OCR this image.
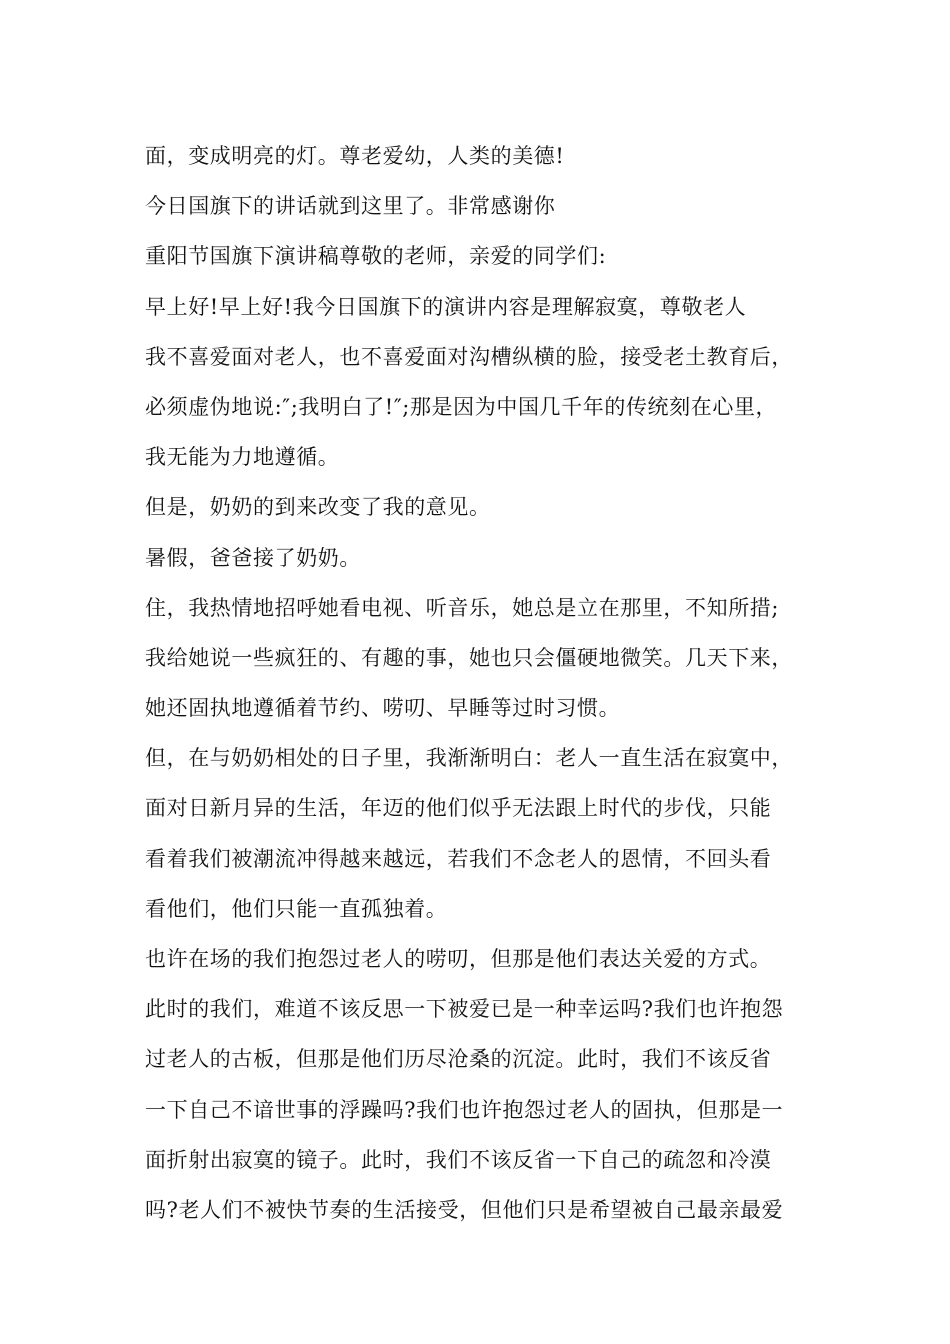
面，变成明亮的灯。尊老爱幼，人类的美德!
今日国旗下的讲话就到这里了。非常感谢你
重阳节国旗下演讲稿尊敬的老师，亲爱的同学们:
早上好!早上好!我今日国旗下的演讲内容是理解寂寞，尊敬老人
我不喜爱面对老人，也不喜爱面对沟槽纵横的脸，接受老土教育后，
必须虚伪地说:″;我明白了!″;那是因为中国几千年的传统刻在心里，
我无能为力地遵循。
但是，奶奶的到来改变了我的意见。
暑假，爸爸接了奶奶。
住，我热情地招呼她看电视、听音乐，她总是立在那里，不知所措;
我给她说一些疯狂的、有趣的事，她也只会僵硬地微笑。几天下来，
她还固执地遵循着节约、唠叨、早睡等过时习惯。
但，在与奶奶相处的日子里，我渐渐明白：老人一直生活在寂寞中，
面对日新月异的生活，年迈的他们似乎无法跟上时代的步伐，只能
看着我们被潮流冲得越来越远，若我们不念老人的恩情，不回头看
看他们，他们只能一直孤独着。
也许在场的我们抱怨过老人的唠叨，但那是他们表达关爱的方式。
此时的我们，难道不该反思一下被爱已是一种幸运吗?我们也许抱怨
过老人的古板，但那是他们历尽沧桑的沉淀。此时，我们不该反省
一下自己不谙世事的浮躁吗?我们也许抱怨过老人的固执，但那是一
面折射出寂寞的镜子。此时，我们不该反省一下自己的疏忽和冷漠
吗?老人们不被快节奏的生活接受，但他们只是希望被自己最亲最爱
